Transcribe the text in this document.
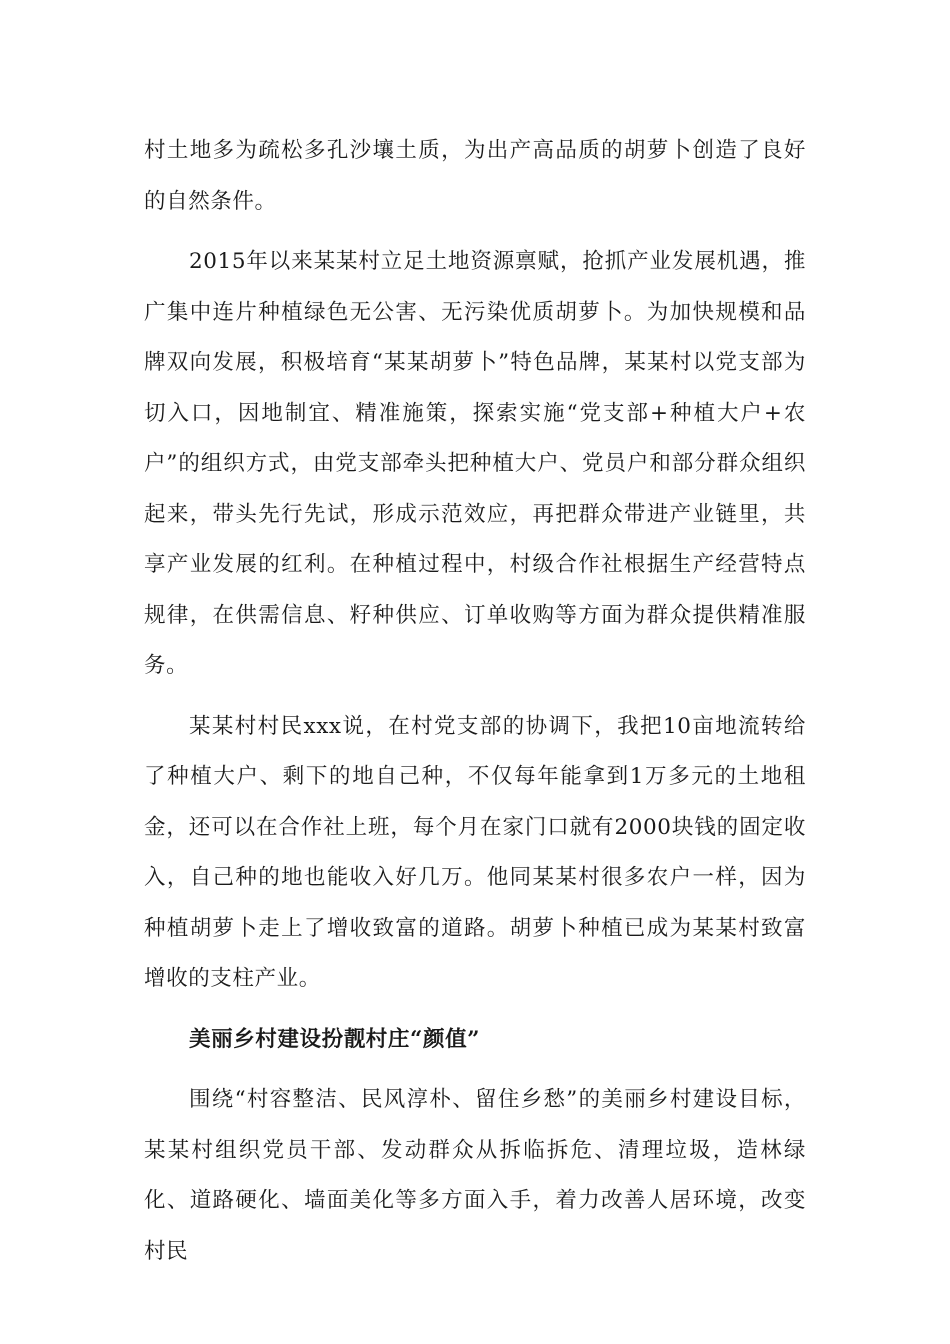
村土地多为疏松多孔沙壤土质，为出产高品质的胡萝卜创造了良好的自然条件。

2015年以来某某村立足土地资源禀赋，抢抓产业发展机遇，推广集中连片种植绿色无公害、无污染优质胡萝卜。为加快规模和品牌双向发展，积极培育“某某胡萝卜”特色品牌，某某村以党支部为切入口，因地制宜、精准施策，探索实施“党支部+种植大户+农户”的组织方式，由党支部牵头把种植大户、党员户和部分群众组织起来，带头先行先试，形成示范效应，再把群众带进产业链里，共享产业发展的红利。在种植过程中，村级合作社根据生产经营特点规律，在供需信息、籽种供应、订单收购等方面为群众提供精准服务。

某某村村民xxx说，在村党支部的协调下，我把10亩地流转给了种植大户、剩下的地自己种，不仅每年能拿到1万多元的土地租金，还可以在合作社上班，每个月在家门口就有2000块钱的固定收入，自己种的地也能收入好几万。他同某某村很多农户一样，因为种植胡萝卜走上了增收致富的道路。胡萝卜种植已成为某某村致富增收的支柱产业。

美丽乡村建设扮靓村庄“颜值”

围绕“村容整洁、民风淳朴、留住乡愁”的美丽乡村建设目标，某某村组织党员干部、发动群众从拆临拆危、清理垃圾，造林绿化、道路硬化、墙面美化等多方面入手，着力改善人居环境，改变村民
